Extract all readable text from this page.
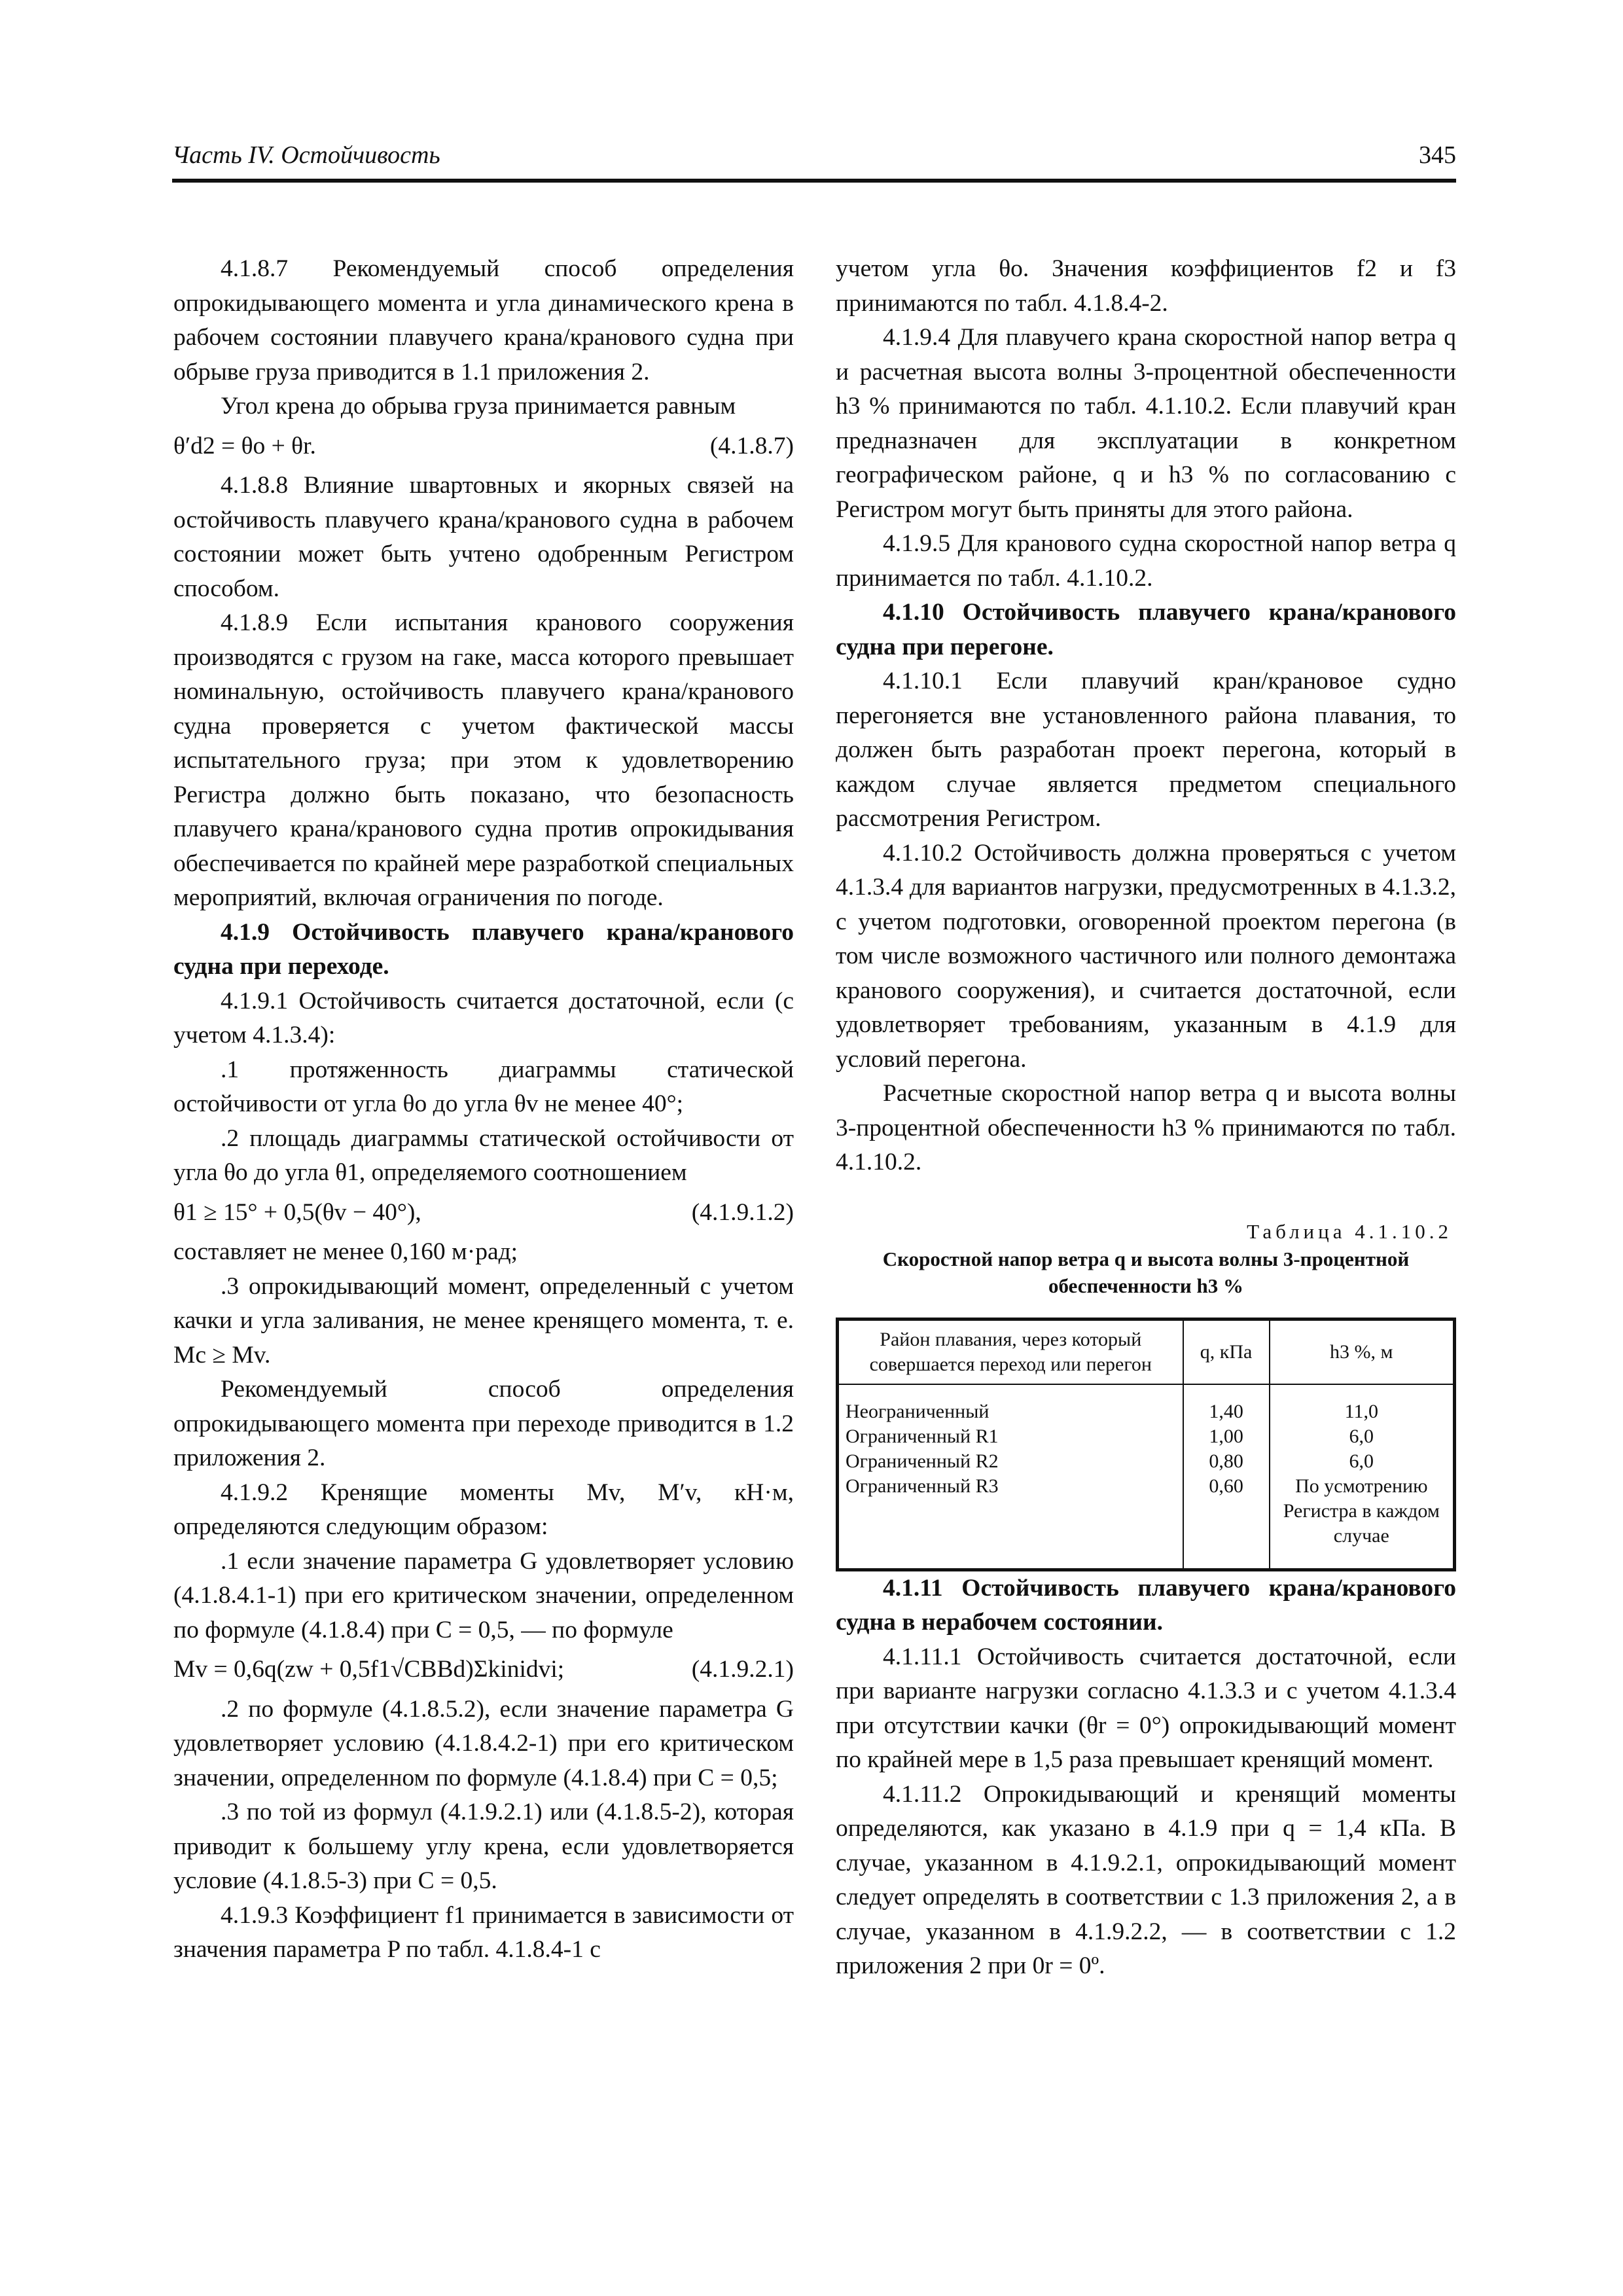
Часть IV. Остойчивость	345

4.1.8.7 Рекомендуемый способ определения опрокидывающего момента и угла динамического крена в рабочем состоянии плавучего крана/кранового судна при обрыве груза приводится в 1.1 приложения 2.

Угол крена до обрыва груза принимается равным

θ′d2 = θo + θr.	(4.1.8.7)

4.1.8.8 Влияние швартовных и якорных связей на остойчивость плавучего крана/кранового судна в рабочем состоянии может быть учтено одобренным Регистром способом.

4.1.8.9 Если испытания кранового сооружения производятся с грузом на гаке, масса которого превышает номинальную, остойчивость плавучего крана/кранового судна проверяется с учетом фактической массы испытательного груза; при этом к удовлетворению Регистра должно быть показано, что безопасность плавучего крана/кранового судна против опрокидывания обеспечивается по крайней мере разработкой специальных мероприятий, включая ограничения по погоде.

4.1.9 Остойчивость плавучего крана/кранового судна при переходе.

4.1.9.1 Остойчивость считается достаточной, если (с учетом 4.1.3.4):

.1 протяженность диаграммы статической остойчивости от угла θo до угла θv не менее 40°;

.2 площадь диаграммы статической остойчивости от угла θo до угла θ1, определяемого соотношением

θ1 ≥ 15° + 0,5(θv − 40°),	(4.1.9.1.2)

составляет не менее 0,160 м·рад;

.3 опрокидывающий момент, определенный с учетом качки и угла заливания, не менее кренящего момента, т. е. Mc ≥ Mv.

Рекомендуемый способ определения опрокидывающего момента при переходе приводится в 1.2 приложения 2.

4.1.9.2 Кренящие моменты Mv, M′v, кН·м, определяются следующим образом:

.1 если значение параметра G удовлетворяет условию (4.1.8.4.1-1) при его критическом значении, определенном по формуле (4.1.8.4) при C = 0,5, — по формуле

Mv = 0,6q(zw + 0,5f1√CBBd)Σkinidvi;	(4.1.9.2.1)

.2 по формуле (4.1.8.5.2), если значение параметра G удовлетворяет условию (4.1.8.4.2-1) при его критическом значении, определенном по формуле (4.1.8.4) при C = 0,5;

.3 по той из формул (4.1.9.2.1) или (4.1.8.5-2), которая приводит к большему углу крена, если удовлетворяется условие (4.1.8.5-3) при C = 0,5.

4.1.9.3 Коэффициент f1 принимается в зависимости от значения параметра P по табл. 4.1.8.4-1 с

учетом угла θo. Значения коэффициентов f2 и f3 принимаются по табл. 4.1.8.4-2.

4.1.9.4 Для плавучего крана скоростной напор ветра q и расчетная высота волны 3-процентной обеспеченности h3 % принимаются по табл. 4.1.10.2. Если плавучий кран предназначен для эксплуатации в конкретном географическом районе, q и h3 % по согласованию с Регистром могут быть приняты для этого района.

4.1.9.5 Для кранового судна скоростной напор ветра q принимается по табл. 4.1.10.2.

4.1.10 Остойчивость плавучего крана/кранового судна при перегоне.

4.1.10.1 Если плавучий кран/крановое судно перегоняется вне установленного района плавания, то должен быть разработан проект перегона, который в каждом случае является предметом специального рассмотрения Регистром.

4.1.10.2 Остойчивость должна проверяться с учетом 4.1.3.4 для вариантов нагрузки, предусмотренных в 4.1.3.2, с учетом подготовки, оговоренной проектом перегона (в том числе возможного частичного или полного демонтажа кранового сооружения), и считается достаточной, если удовлетворяет требованиям, указанным в 4.1.9 для условий перегона.

Расчетные скоростной напор ветра q и высота волны 3-процентной обеспеченности h3 % принимаются по табл. 4.1.10.2.

Таблица 4.1.10.2
Скоростной напор ветра q и высота волны 3-процентной обеспеченности h3 %
Район плавания, через который совершается переход или перегон	q, кПа	h3 %, м
Неограниченный	1,40	11,0
Ограниченный R1	1,00	6,0
Ограниченный R2	0,80	6,0
Ограниченный R3	0,60	По усмотрению Регистра в каждом случае

4.1.11 Остойчивость плавучего крана/кранового судна в нерабочем состоянии.

4.1.11.1 Остойчивость считается достаточной, если при варианте нагрузки согласно 4.1.3.3 и с учетом 4.1.3.4 при отсутствии качки (θr = 0°) опрокидывающий момент по крайней мере в 1,5 раза превышает кренящий момент.

4.1.11.2 Опрокидывающий и кренящий моменты определяются, как указано в 4.1.9 при q = 1,4 кПа. В случае, указанном в 4.1.9.2.1, опрокидывающий момент следует определять в соответствии с 1.3 приложения 2, а в случае, указанном в 4.1.9.2.2, — в соответствии с 1.2 приложения 2 при 0r = 0º.
